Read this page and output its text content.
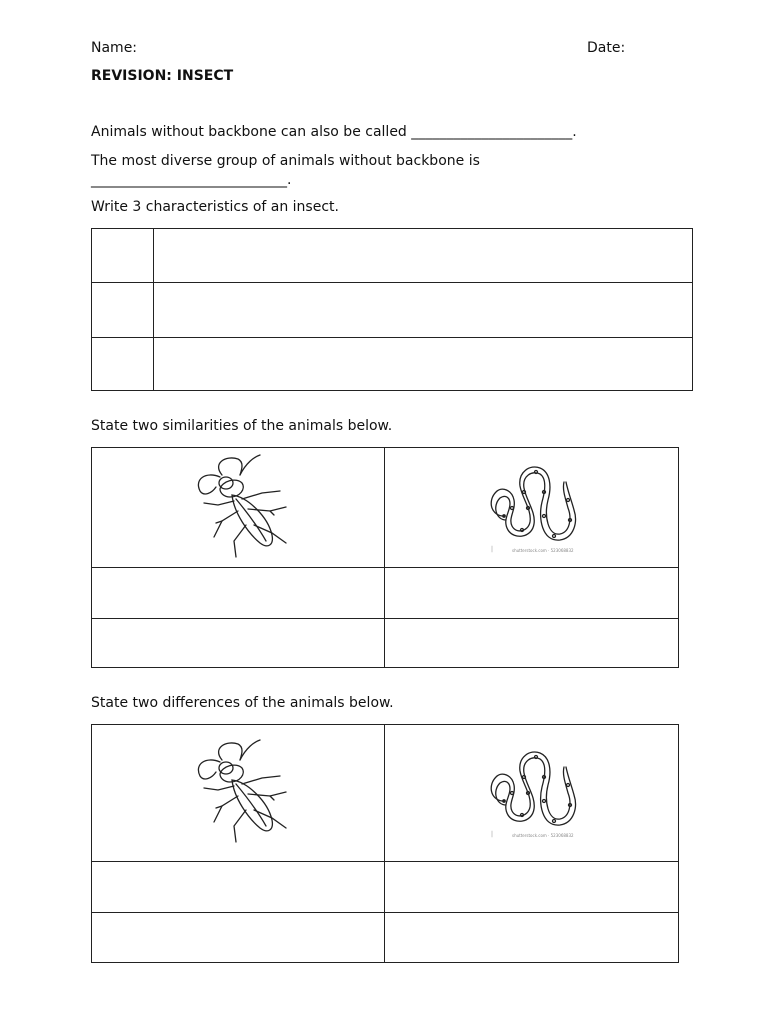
Name:	Date:
REVISION: INSECT
Animals without backbone can also be called _______________________.
The most diverse group of animals without backbone is
____________________________.
Write 3 characteristics of an insect.

State two similarities of the animals below.

shutterstock.com · 523068832

State two differences of the animals below.

shutterstock.com · 523068832
